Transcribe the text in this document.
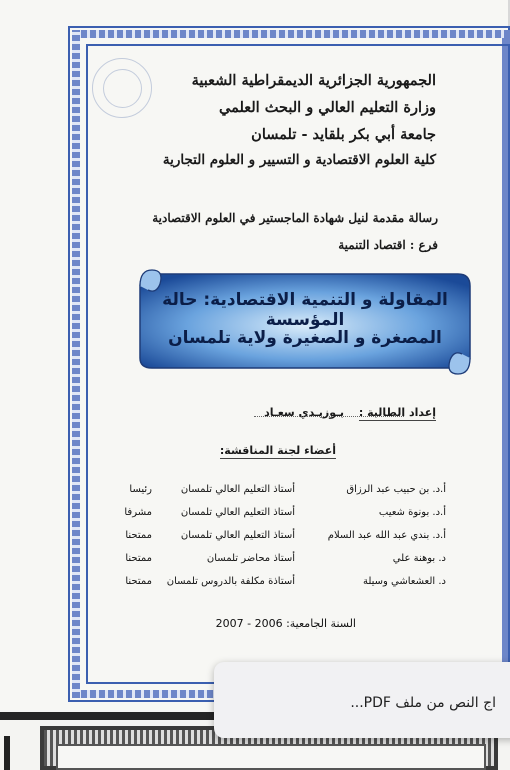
الجمهورية الجزائرية الديمقراطية الشعبية
وزارة التعليم العالي و البحث العلمي
جامعة أبي بكر بلقايد - تلمسان
كلية العلوم الاقتصادية و التسيير و العلوم التجارية
رسالة مقدمة لنيل شهادة الماجستير في العلوم الاقتصادية
فرع : اقتصاد التنمية
المقاولة و التنمية الاقتصادية: حالة المؤسسة
المصغرة و الصغيرة ولاية تلمسان
إعداد الطالبة :
بـوزيـدي سعـاد
أعضاء لجنة المناقشة:
أ.د. بن حبيب عبد الرزاق
أستاذ التعليم العالي تلمسان
رئيسا
أ.د. بونوة شعيب
أستاذ التعليم العالي تلمسان
مشرفا
أ.د. بندي عبد الله عبد السلام
أستاذ التعليم العالي تلمسان
ممتحنا
د. بوهنة علي
أستاذ محاضر تلمسان
ممتحنا
د. العشعاشي وسيلة
أستاذة مكلفة بالدروس تلمسان
ممتحنا
السنة الجامعية: 2006 - 2007
اج النص من ملف PDF...
